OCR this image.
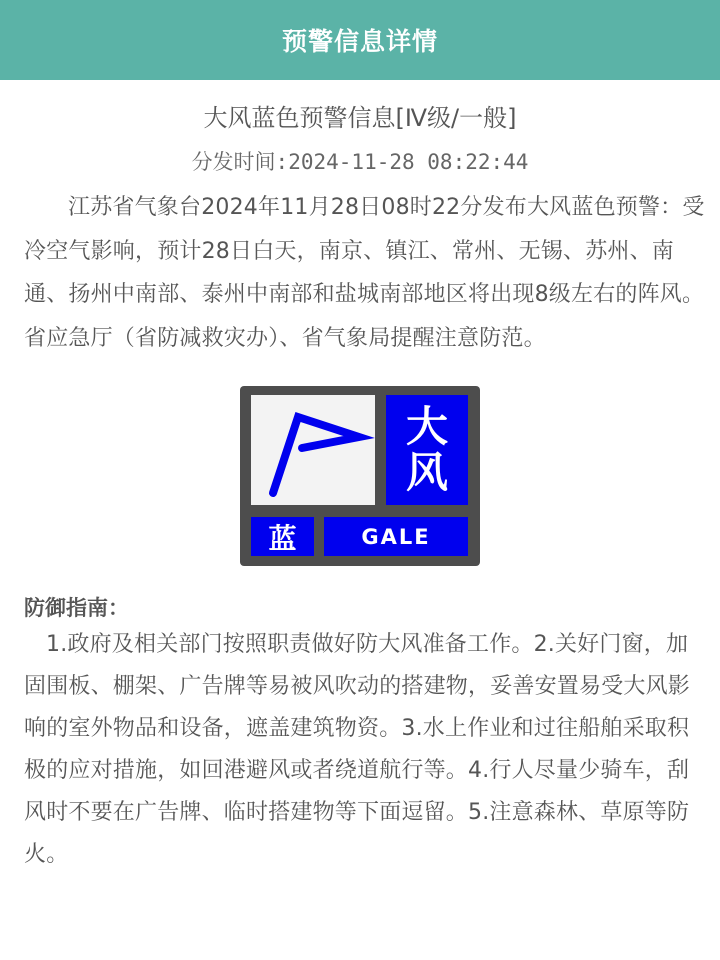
预警信息详情
大风蓝色预警信息[Ⅳ级/一般]
分发时间:2024-11-28 08:22:44
江苏省气象台2024年11月28日08时22分发布大风蓝色预警：受冷空气影响，预计28日白天，南京、镇江、常州、无锡、苏州、南通、扬州中南部、泰州中南部和盐城南部地区将出现8级左右的阵风。省应急厅（省防减救灾办）、省气象局提醒注意防范。
大
风
蓝	GALE
防御指南：
1.政府及相关部门按照职责做好防大风准备工作。2.关好门窗，加固围板、棚架、广告牌等易被风吹动的搭建物，妥善安置易受大风影响的室外物品和设备，遮盖建筑物资。3.水上作业和过往船舶采取积极的应对措施，如回港避风或者绕道航行等。4.行人尽量少骑车，刮风时不要在广告牌、临时搭建物等下面逗留。5.注意森林、草原等防火。
